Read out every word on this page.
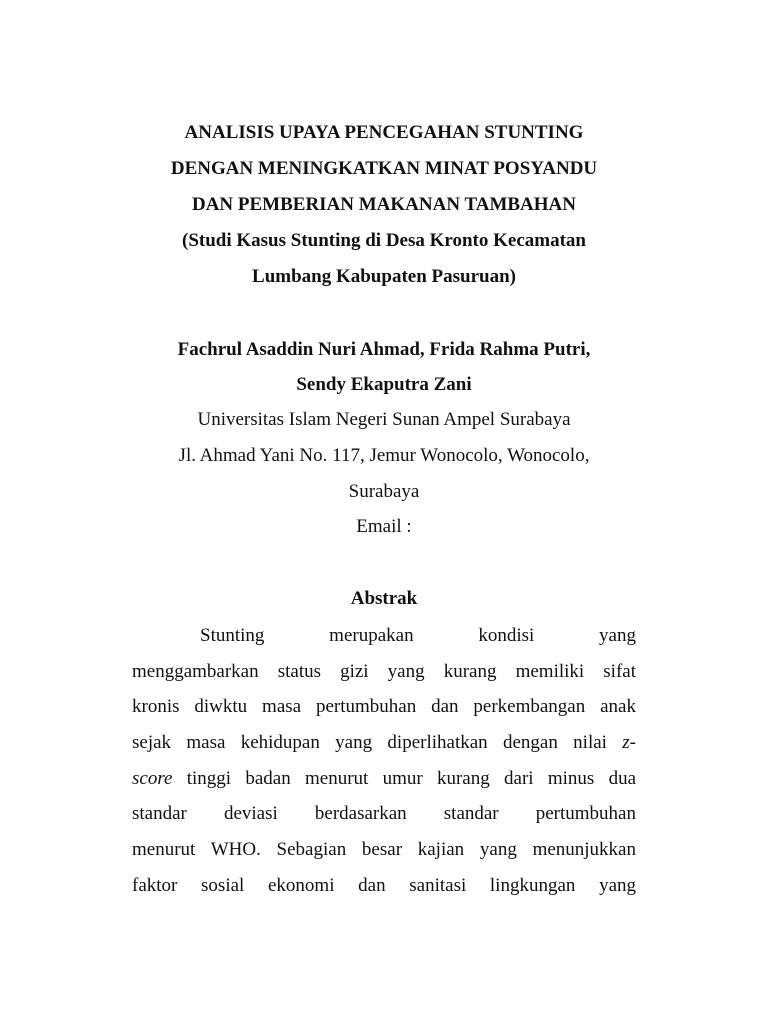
ANALISIS UPAYA PENCEGAHAN STUNTING
DENGAN MENINGKATKAN MINAT POSYANDU
DAN PEMBERIAN MAKANAN TAMBAHAN
(Studi Kasus Stunting di Desa Kronto Kecamatan
Lumbang Kabupaten Pasuruan)
Fachrul Asaddin Nuri Ahmad, Frida Rahma Putri,
Sendy Ekaputra Zani
Universitas Islam Negeri Sunan Ampel Surabaya
Jl. Ahmad Yani No. 117, Jemur Wonocolo, Wonocolo,
Surabaya
Email :
Abstrak
Stunting merupakan kondisi yang
menggambarkan status gizi yang kurang memiliki sifat
kronis diwktu masa pertumbuhan dan perkembangan anak
sejak masa kehidupan yang diperlihatkan dengan nilai z-
score tinggi badan menurut umur kurang dari minus dua
standar deviasi berdasarkan standar pertumbuhan
menurut WHO. Sebagian besar kajian yang menunjukkan
faktor sosial ekonomi dan sanitasi lingkungan yang
